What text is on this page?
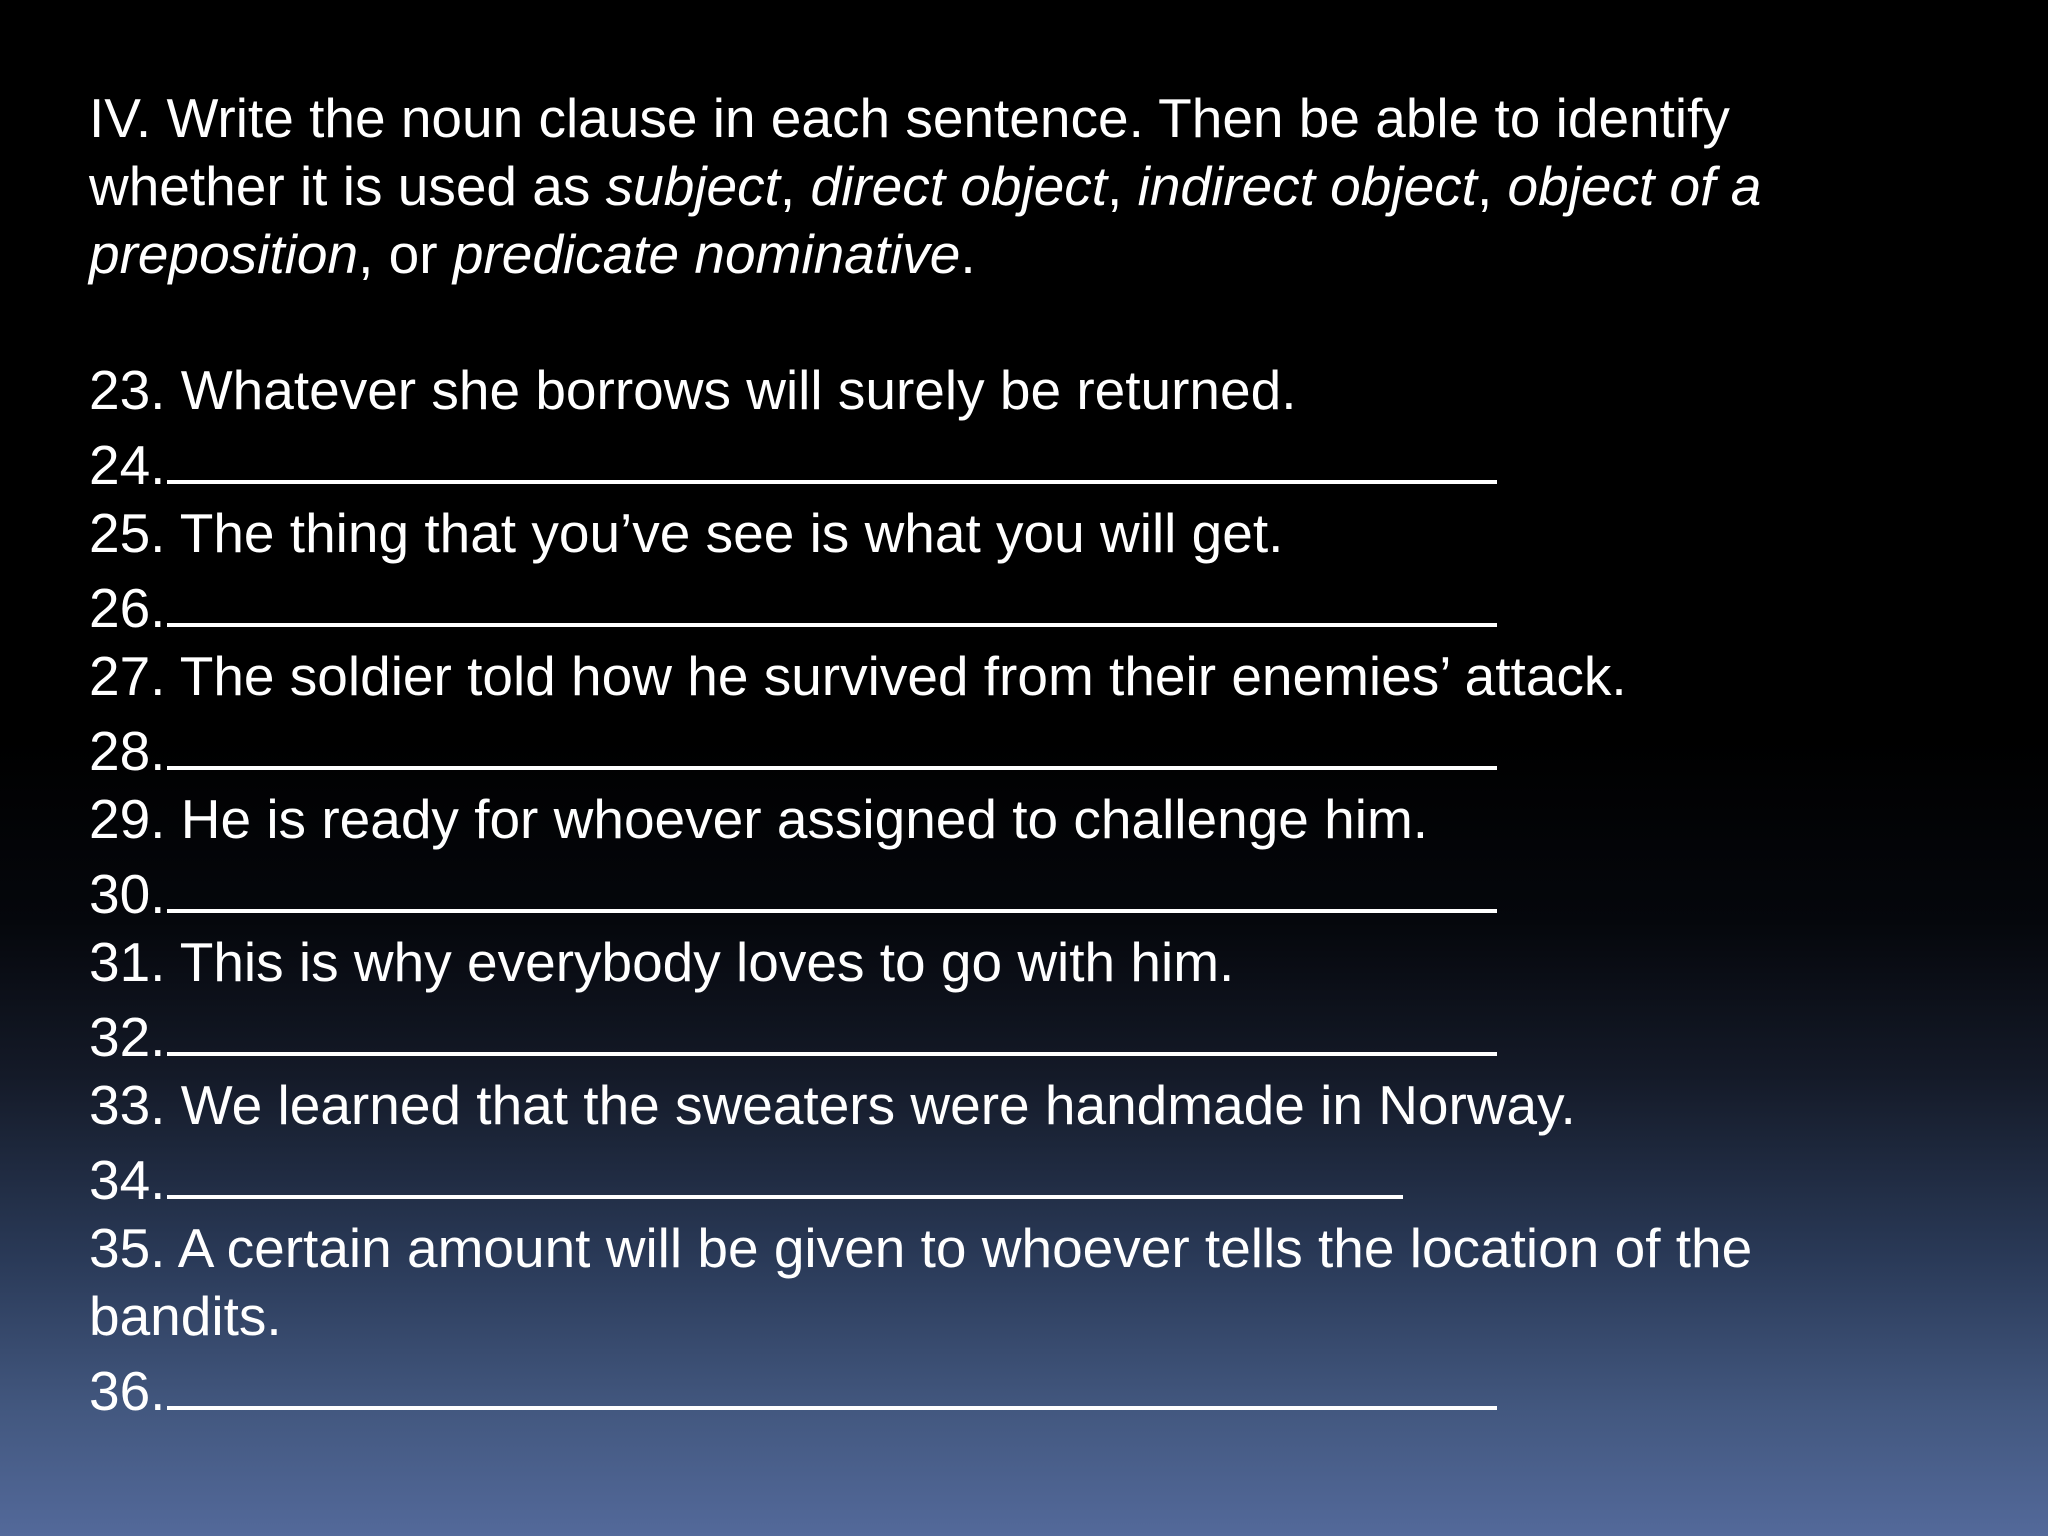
IV. Write the noun clause in each sentence. Then be able to identify
whether it is used as subject, direct object, indirect object, object of a
preposition, or predicate nominative.
23. Whatever she borrows will surely be returned.
24.
25. The thing that you’ve see is what you will get.
26.
27. The soldier told how he survived from their enemies’ attack.
28.
29. He is ready for whoever assigned to challenge him.
30.
31. This is why everybody loves to go with him.
32.
33. We learned that the sweaters were handmade in Norway.
34.
35. A certain amount will be given to whoever tells the location of the
bandits.
36.
